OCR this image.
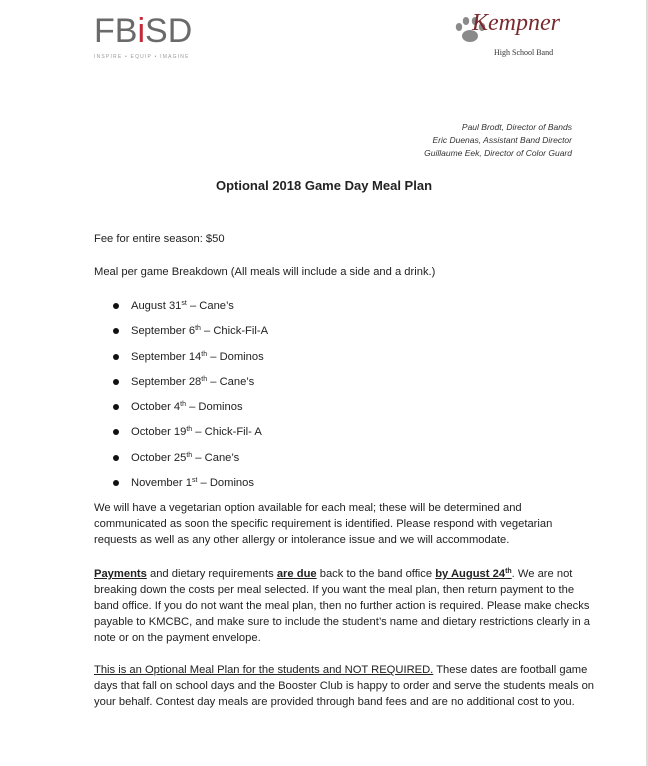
FB i SD
INSPIRE • EQUIP • IMAGINE
Kempner
High School Band
Paul Brodt, Director of Bands
Eric Duenas, Assistant Band Director
Guillaume Eek, Director of Color Guard
Optional 2018 Game Day Meal Plan
Fee for entire season: $50
Meal per game Breakdown (All meals will include a side and a drink.)
August 31st – Cane’s
September 6th – Chick-Fil-A
September 14th – Dominos
September 28th – Cane’s
October 4th – Dominos
October 19th – Chick-Fil- A
October 25th – Cane’s
November 1st – Dominos
We will have a vegetarian option available for each meal; these will be determined and communicated as soon the specific requirement is identified. Please respond with vegetarian requests as well as any other allergy or intolerance issue and we will accommodate.
Payments and dietary requirements are due back to the band office by August 24th. We are not breaking down the costs per meal selected. If you want the meal plan, then return payment to the band office. If you do not want the meal plan, then no further action is required. Please make checks payable to KMCBC, and make sure to include the student’s name and dietary restrictions clearly in a note or on the payment envelope.
This is an Optional Meal Plan for the students and NOT REQUIRED. These dates are football game days that fall on school days and the Booster Club is happy to order and serve the students meals on your behalf. Contest day meals are provided through band fees and are no additional cost to you.
